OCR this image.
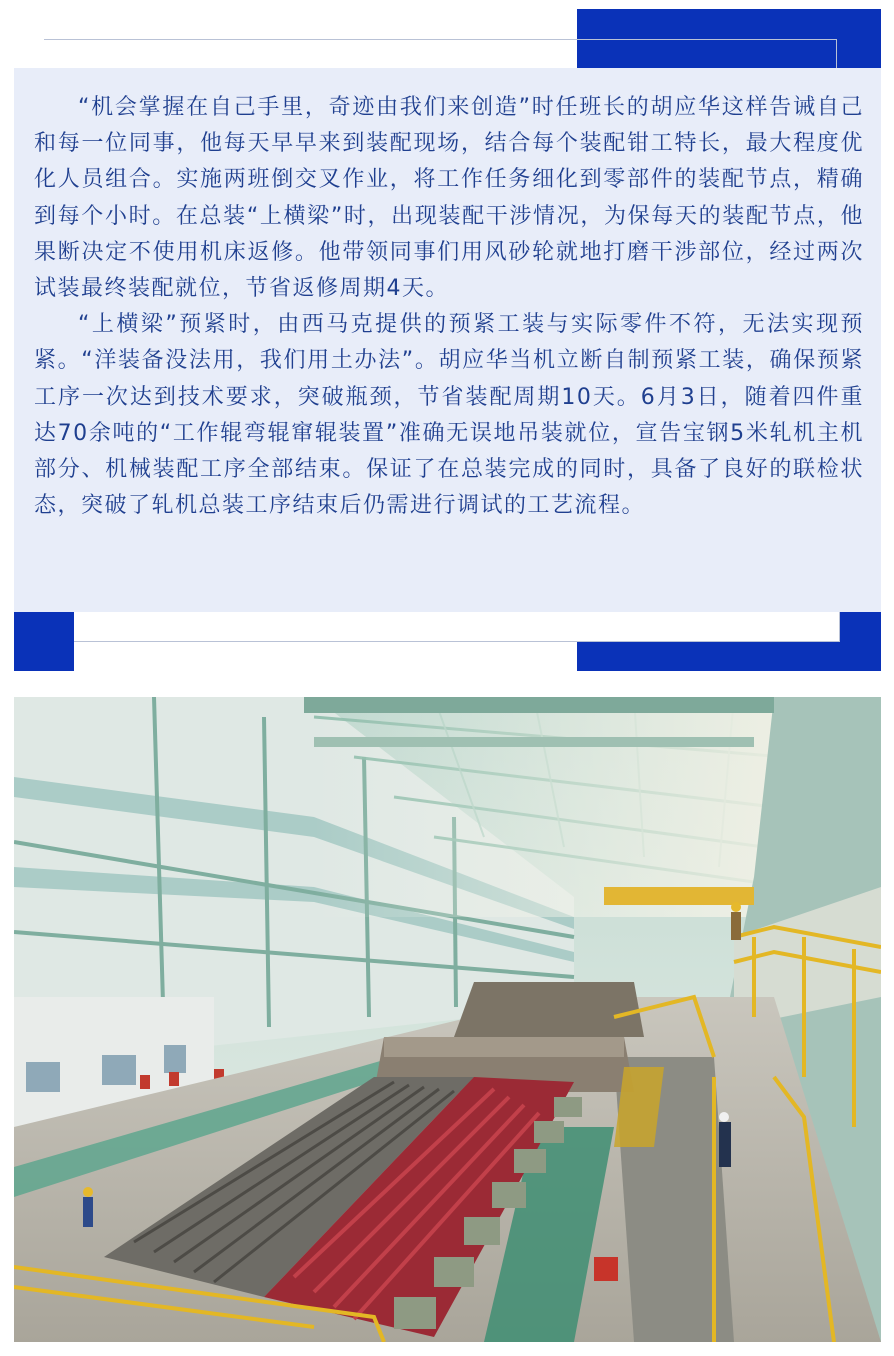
“机会掌握在自己手里，奇迹由我们来创造”时任班长的胡应华这样告诫自己和每一位同事，他每天早早来到装配现场，结合每个装配钳工特长，最大程度优化人员组合。实施两班倒交叉作业，将工作任务细化到零部件的装配节点，精确到每个小时。在总装“上横梁”时，出现装配干涉情况，为保每天的装配节点，他果断决定不使用机床返修。他带领同事们用风砂轮就地打磨干涉部位，经过两次试装最终装配就位，节省返修周期4天。

“上横梁”预紧时，由西马克提供的预紧工装与实际零件不符，无法实现预紧。“洋装备没法用，我们用土办法”。胡应华当机立断自制预紧工装，确保预紧工序一次达到技术要求，突破瓶颈，节省装配周期10天。6月3日，随着四件重达70余吨的“工作辊弯辊窜辊装置”准确无误地吊装就位，宣告宝钢5米轧机主机部分、机械装配工序全部结束。保证了在总装完成的同时，具备了良好的联检状态，突破了轧机总装工序结束后仍需进行调试的工艺流程。
